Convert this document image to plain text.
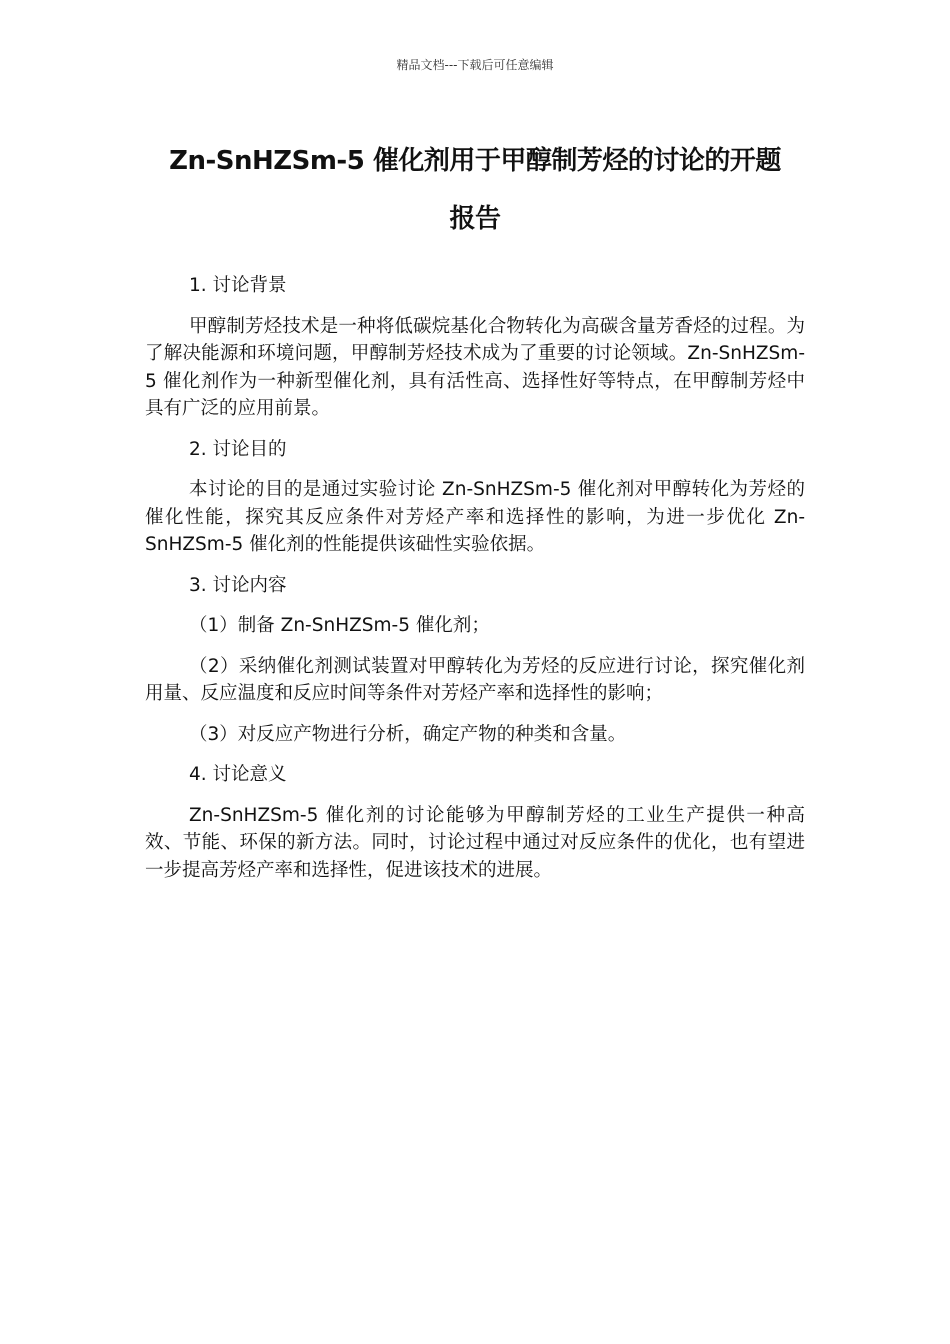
精品文档---下载后可任意编辑
Zn-SnHZSm-5 催化剂用于甲醇制芳烃的讨论的开题
报告

1. 讨论背景

甲醇制芳烃技术是一种将低碳烷基化合物转化为高碳含量芳香烃的过程。为了解决能源和环境问题，甲醇制芳烃技术成为了重要的讨论领域。Zn-SnHZSm-5 催化剂作为一种新型催化剂，具有活性高、选择性好等特点，在甲醇制芳烃中具有广泛的应用前景。

2. 讨论目的

本讨论的目的是通过实验讨论 Zn-SnHZSm-5 催化剂对甲醇转化为芳烃的催化性能，探究其反应条件对芳烃产率和选择性的影响，为进一步优化 Zn-SnHZSm-5 催化剂的性能提供该础性实验依据。

3. 讨论内容

（1）制备 Zn-SnHZSm-5 催化剂；

（2）采纳催化剂测试装置对甲醇转化为芳烃的反应进行讨论，探究催化剂用量、反应温度和反应时间等条件对芳烃产率和选择性的影响；

（3）对反应产物进行分析，确定产物的种类和含量。

4. 讨论意义

Zn-SnHZSm-5 催化剂的讨论能够为甲醇制芳烃的工业生产提供一种高效、节能、环保的新方法。同时，讨论过程中通过对反应条件的优化，也有望进一步提高芳烃产率和选择性，促进该技术的进展。
